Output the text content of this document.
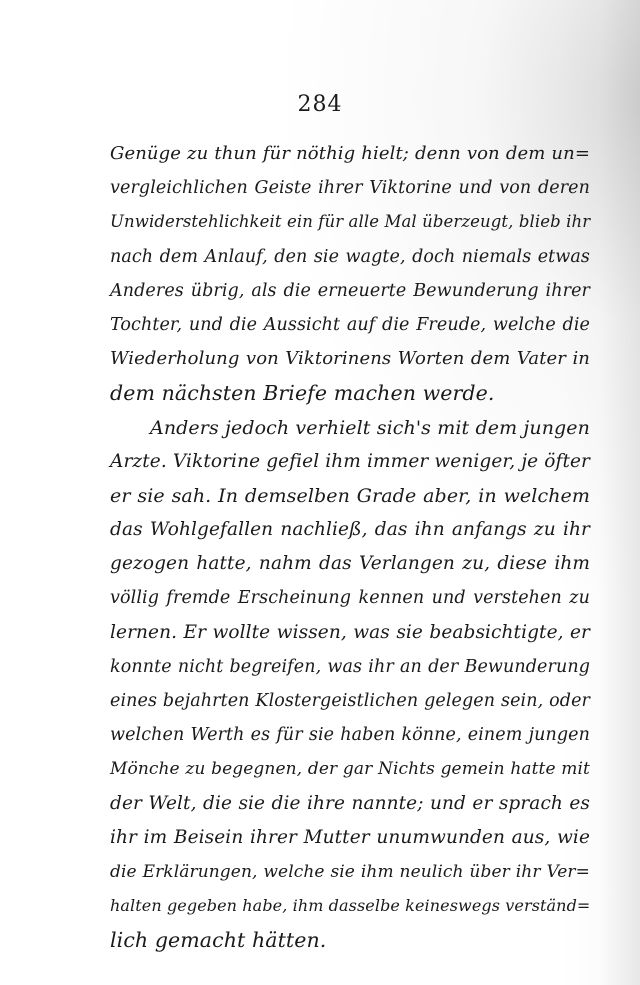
284
Genüge zu thun für nöthig hielt; denn von dem un=
vergleichlichen Geiste ihrer Viktorine und von deren
Unwiderstehlichkeit ein für alle Mal überzeugt, blieb ihr
nach dem Anlauf, den sie wagte, doch niemals etwas
Anderes übrig, als die erneuerte Bewunderung ihrer
Tochter, und die Aussicht auf die Freude, welche die
Wiederholung von Viktorinens Worten dem Vater in
dem nächsten Briefe machen werde.
Anders jedoch verhielt sich's mit dem jungen
Arzte. Viktorine gefiel ihm immer weniger, je öfter
er sie sah. In demselben Grade aber, in welchem
das Wohlgefallen nachließ, das ihn anfangs zu ihr
gezogen hatte, nahm das Verlangen zu, diese ihm
völlig fremde Erscheinung kennen und verstehen zu
lernen. Er wollte wissen, was sie beabsichtigte, er
konnte nicht begreifen, was ihr an der Bewunderung
eines bejahrten Klostergeistlichen gelegen sein, oder
welchen Werth es für sie haben könne, einem jungen
Mönche zu begegnen, der gar Nichts gemein hatte mit
der Welt, die sie die ihre nannte; und er sprach es
ihr im Beisein ihrer Mutter unumwunden aus, wie
die Erklärungen, welche sie ihm neulich über ihr Ver=
halten gegeben habe, ihm dasselbe keineswegs verständ=
lich gemacht hätten.
